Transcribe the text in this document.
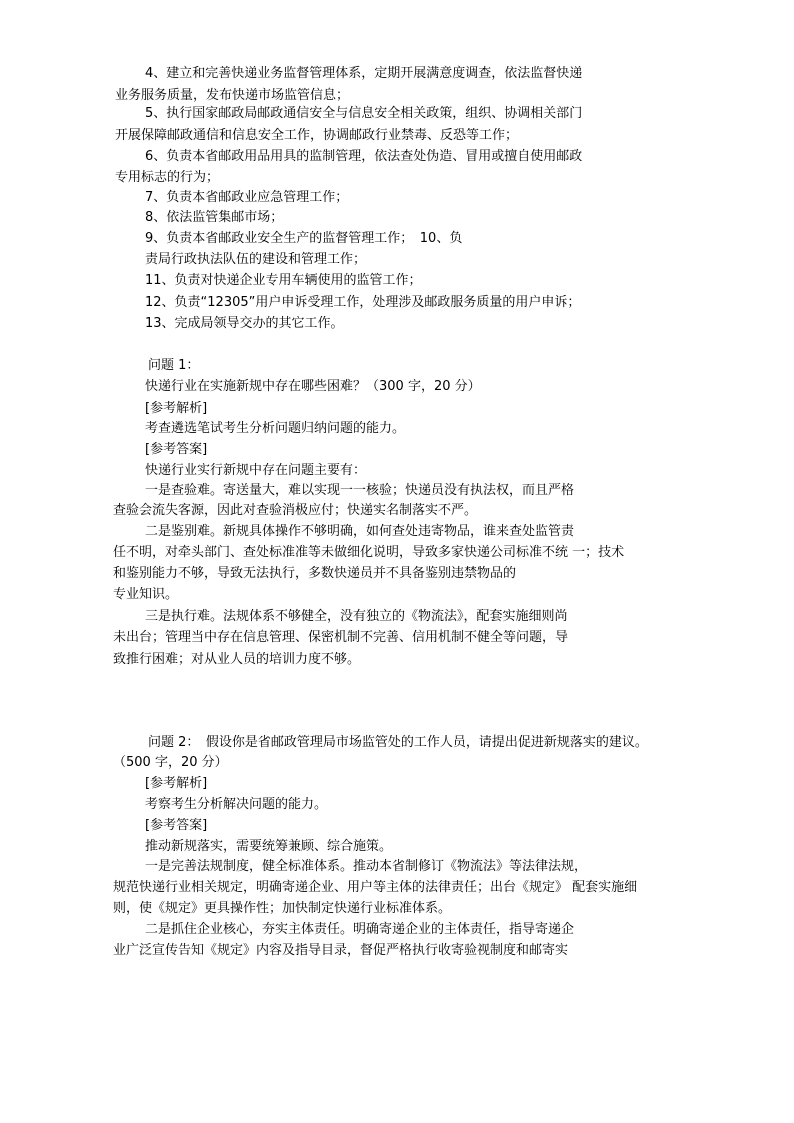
4、建立和完善快递业务监督管理体系，定期开展满意度调查，依法监督快递
业务服务质量，发布快递市场监管信息；
5、执行国家邮政局邮政通信安全与信息安全相关政策，组织、协调相关部门
开展保障邮政通信和信息安全工作，协调邮政行业禁毒、反恐等工作；
6、负责本省邮政用品用具的监制管理，依法查处伪造、冒用或擅自使用邮政
专用标志的行为；
7、负责本省邮政业应急管理工作；
8、依法监管集邮市场；
9、负责本省邮政业安全生产的监督管理工作；　10、负
责局行政执法队伍的建设和管理工作；
11、负责对快递企业专用车辆使用的监管工作；
12、负责“12305”用户申诉受理工作，处理涉及邮政服务质量的用户申诉；
13、完成局领导交办的其它工作。
问题 1：
快递行业在实施新规中存在哪些困难？（300 字，20 分）
[参考解析]
考查遴选笔试考生分析问题归纳问题的能力。
[参考答案]
快递行业实行新规中存在问题主要有：
一是查验难。寄送量大，难以实现一一核验；快递员没有执法权，而且严格
查验会流失客源，因此对查验消极应付；快递实名制落实不严。
二是鉴别难。新规具体操作不够明确，如何查处违寄物品，谁来查处监管责
任不明，对牵头部门、查处标准准等未做细化说明，导致多家快递公司标准不统 一；技术
和鉴别能力不够，导致无法执行，多数快递员并不具备鉴别违禁物品的
专业知识。
三是执行难。法规体系不够健全，没有独立的《物流法》，配套实施细则尚
未出台；管理当中存在信息管理、保密机制不完善、信用机制不健全等问题，导
致推行困难；对从业人员的培训力度不够。
问题 2：　假设你是省邮政管理局市场监管处的工作人员，请提出促进新规落实的建议。
（500 字，20 分）
[参考解析]
考察考生分析解决问题的能力。
[参考答案]
推动新规落实，需要统筹兼顾、综合施策。
一是完善法规制度，健全标准体系。推动本省制修订《物流法》等法律法规，
规范快递行业相关规定，明确寄递企业、用户等主体的法律责任；出台《规定》 配套实施细
则，使《规定》更具操作性；加快制定快递行业标准体系。
二是抓住企业核心，夯实主体责任。明确寄递企业的主体责任，指导寄递企
业广泛宣传告知《规定》内容及指导目录，督促严格执行收寄验视制度和邮寄实
